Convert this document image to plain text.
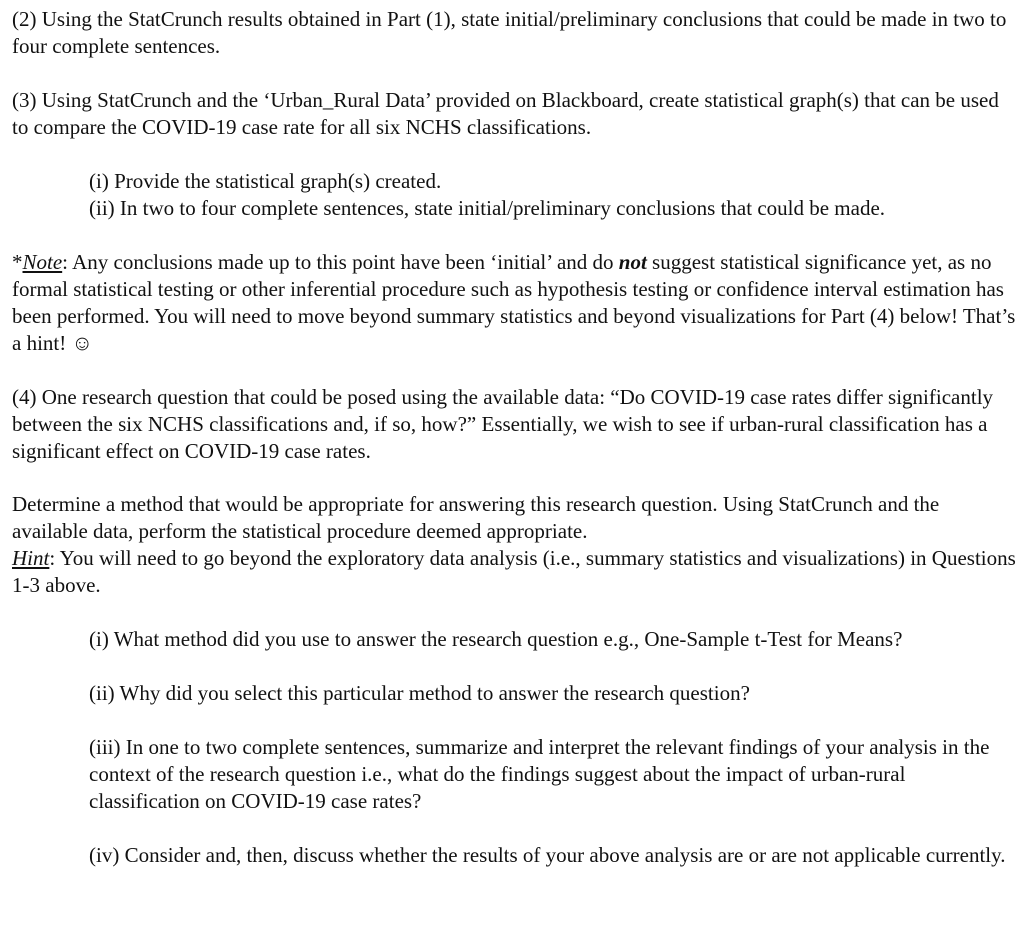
(2) Using the StatCrunch results obtained in Part (1), state initial/preliminary conclusions that could be made in two to four complete sentences.

(3) Using StatCrunch and the ‘Urban_Rural Data’ provided on Blackboard, create statistical graph(s) that can be used to compare the COVID-19 case rate for all six NCHS classifications.

(i) Provide the statistical graph(s) created.

(ii) In two to four complete sentences, state initial/preliminary conclusions that could be made.

*Note: Any conclusions made up to this point have been ‘initial’ and do not suggest statistical significance yet, as no formal statistical testing or other inferential procedure such as hypothesis testing or confidence interval estimation has been performed. You will need to move beyond summary statistics and beyond visualizations for Part (4) below! That’s a hint! ☺

(4) One research question that could be posed using the available data: “Do COVID-19 case rates differ significantly between the six NCHS classifications and, if so, how?” Essentially, we wish to see if urban-rural classification has a significant effect on COVID-19 case rates.

Determine a method that would be appropriate for answering this research question. Using StatCrunch and the available data, perform the statistical procedure deemed appropriate.

Hint: You will need to go beyond the exploratory data analysis (i.e., summary statistics and visualizations) in Questions 1-3 above.

(i) What method did you use to answer the research question e.g., One-Sample t-Test for Means?

(ii) Why did you select this particular method to answer the research question?

(iii) In one to two complete sentences, summarize and interpret the relevant findings of your analysis in the context of the research question i.e., what do the findings suggest about the impact of urban-rural classification on COVID-19 case rates?

(iv) Consider and, then, discuss whether the results of your above analysis are or are not applicable currently.
